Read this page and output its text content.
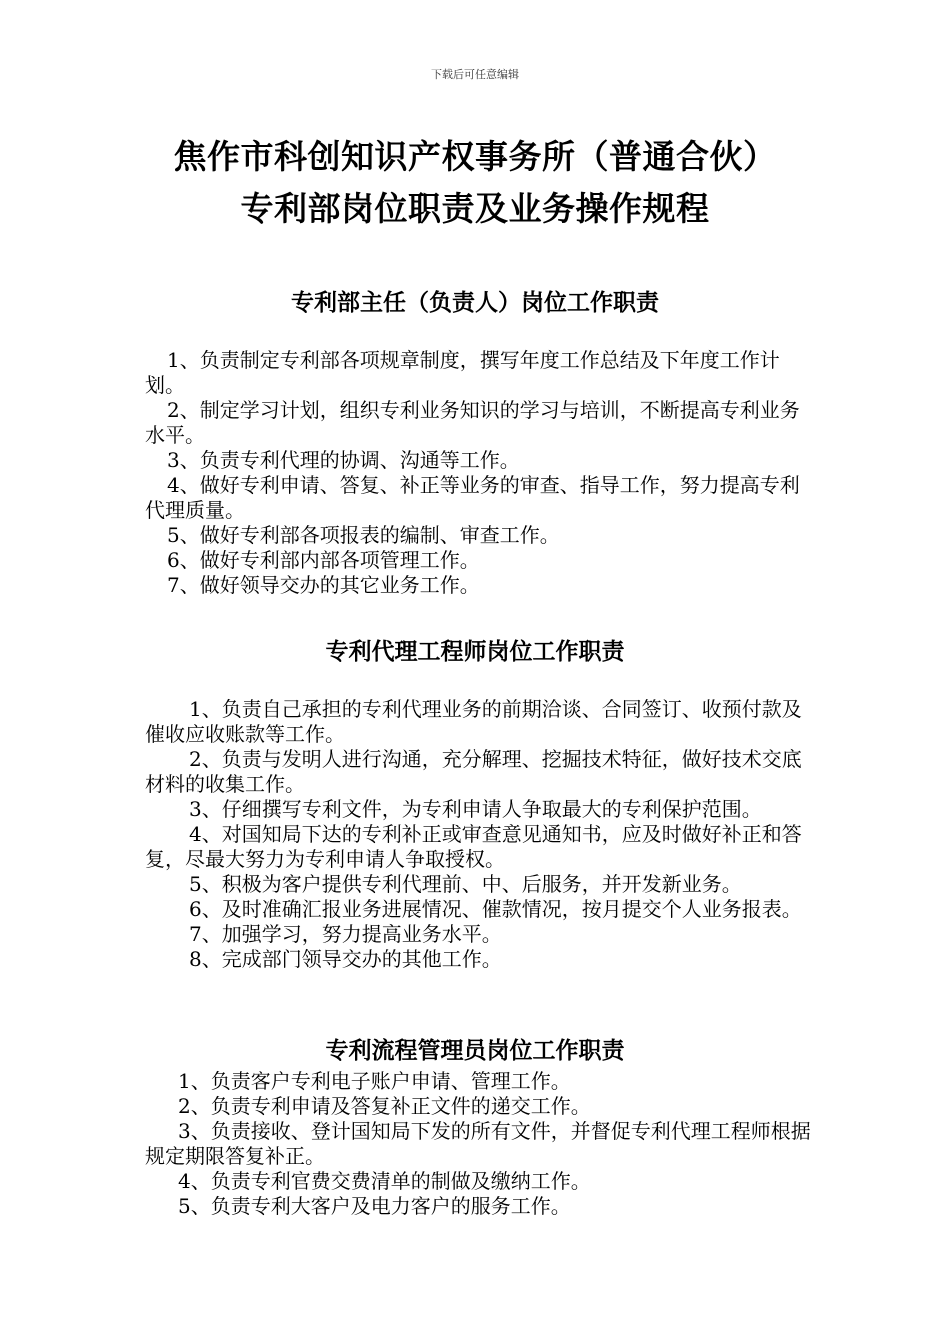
下载后可任意编辑
焦作市科创知识产权事务所（普通合伙）
专利部岗位职责及业务操作规程
专利部主任（负责人）岗位工作职责
1、负责制定专利部各项规章制度，撰写年度工作总结及下年度工作计划。
2、制定学习计划，组织专利业务知识的学习与培训，不断提高专利业务水平。
3、负责专利代理的协调、沟通等工作。
4、做好专利申请、答复、补正等业务的审查、指导工作，努力提高专利代理质量。
5、做好专利部各项报表的编制、审查工作。
6、做好专利部内部各项管理工作。
7、做好领导交办的其它业务工作。
专利代理工程师岗位工作职责
1、负责自己承担的专利代理业务的前期洽谈、合同签订、收预付款及催收应收账款等工作。
2、负责与发明人进行沟通，充分解理、挖掘技术特征，做好技术交底材料的收集工作。
3、仔细撰写专利文件，为专利申请人争取最大的专利保护范围。
4、对国知局下达的专利补正或审查意见通知书，应及时做好补正和答复，尽最大努力为专利申请人争取授权。
5、积极为客户提供专利代理前、中、后服务，并开发新业务。
6、及时准确汇报业务进展情况、催款情况，按月提交个人业务报表。
7、加强学习，努力提高业务水平。
8、完成部门领导交办的其他工作。
专利流程管理员岗位工作职责
1、负责客户专利电子账户申请、管理工作。
2、负责专利申请及答复补正文件的递交工作。
3、负责接收、登计国知局下发的所有文件，并督促专利代理工程师根据规定期限答复补正。
4、负责专利官费交费清单的制做及缴纳工作。
5、负责专利大客户及电力客户的服务工作。
